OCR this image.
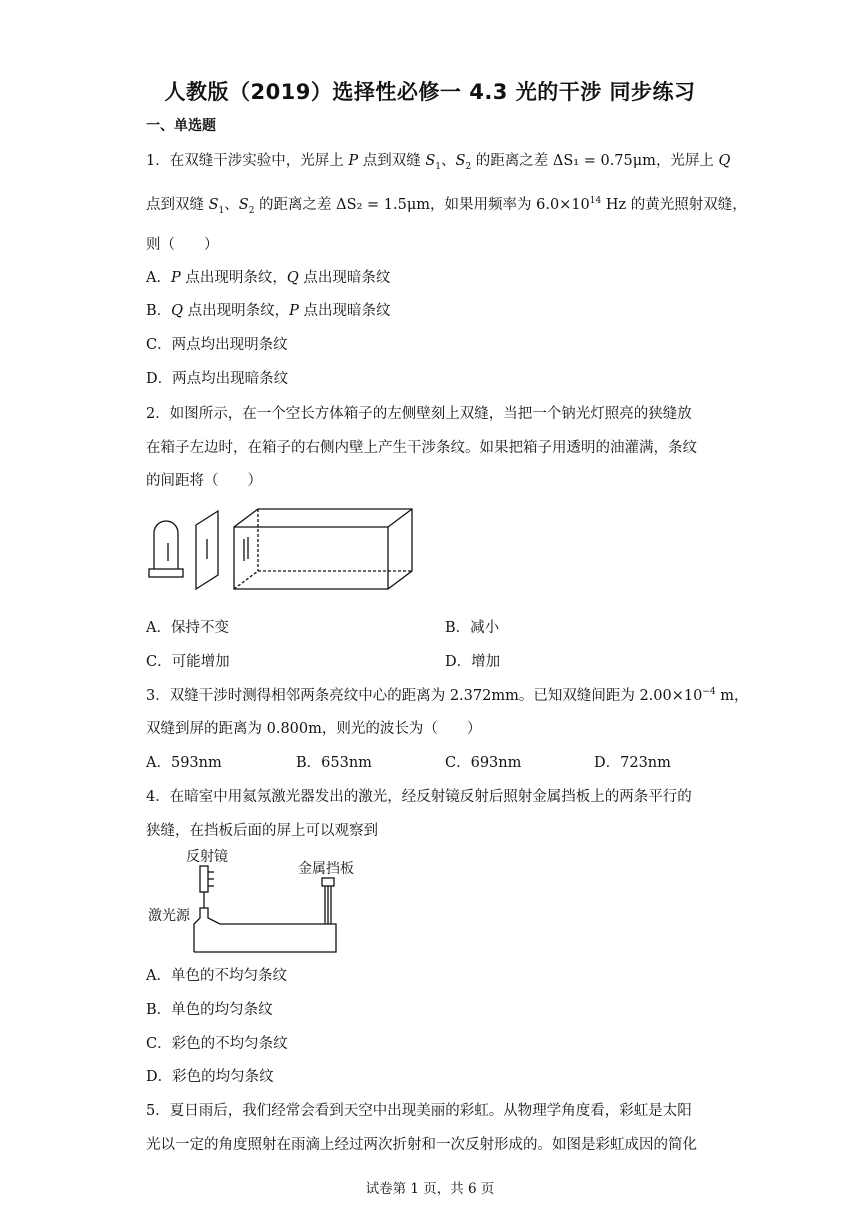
人教版（2019）选择性必修一 4.3 光的干涉 同步练习
一、单选题
1．在双缝干涉实验中，光屏上 P 点到双缝 $S_1$、$S_2$ 的距离之差 ΔS₁ = 0.75μm，光屏上 Q
点到双缝 $S_1$、$S_2$ 的距离之差 ΔS₂ = 1.5μm，如果用频率为 $6.0\times 10^{14}$ Hz 的黄光照射双缝，
则（　　）
A．P 点出现明条纹，Q 点出现暗条纹
B．Q 点出现明条纹，P 点出现暗条纹
C．两点均出现明条纹
D．两点均出现暗条纹
2．如图所示，在一个空长方体箱子的左侧壁刻上双缝，当把一个钠光灯照亮的狭缝放
在箱子左边时，在箱子的右侧内壁上产生干涉条纹。如果把箱子用透明的油灌满，条纹
的间距将（　　）
A．保持不变	B．减小
C．可能增加	D．增加
3．双缝干涉时测得相邻两条亮纹中心的距离为 2.372mm。已知双缝间距为 $2.00\times 10^{-4}$ m，
双缝到屏的距离为 0.800m，则光的波长为（　　）
A．593nm	B．653nm	C．693nm	D．723nm
4．在暗室中用氦氖激光器发出的激光，经反射镜反射后照射金属挡板上的两条平行的
狭缝，在挡板后面的屏上可以观察到
反射镜
金属挡板
激光源
A．单色的不均匀条纹
B．单色的均匀条纹
C．彩色的不均匀条纹
D．彩色的均匀条纹
5．夏日雨后，我们经常会看到天空中出现美丽的彩虹。从物理学角度看，彩虹是太阳
光以一定的角度照射在雨滴上经过两次折射和一次反射形成的。如图是彩虹成因的简化
试卷第 1 页，共 6 页
